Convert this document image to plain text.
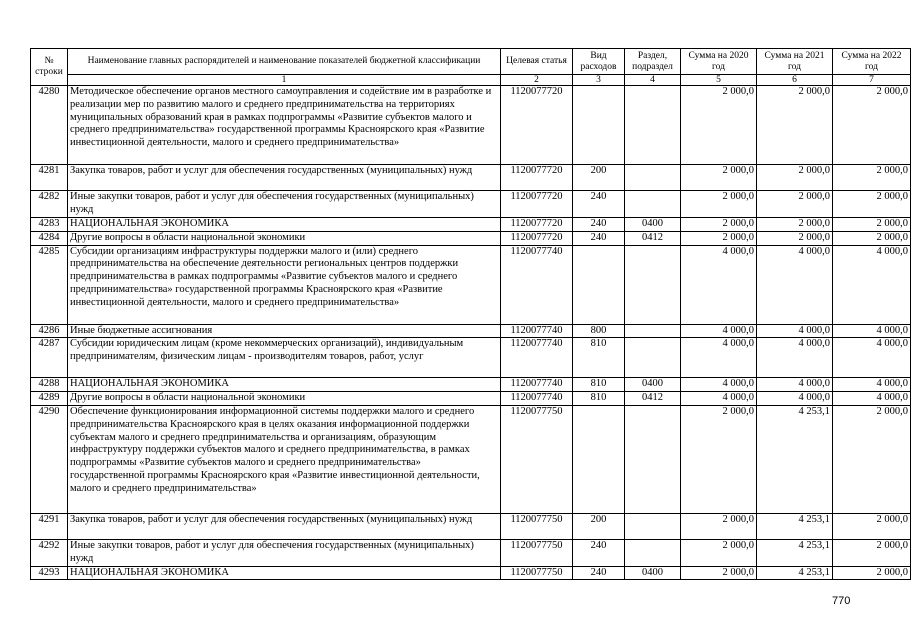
№ строки	Наименование главных распорядителей и наименование показателей бюджетной классификации	Целевая статья	Вид расходов	Раздел, подраздел	Сумма на 2020 год	Сумма на 2021 год	Сумма на 2022 год
	1	2	3	4	5	6	7
4280	Методическое обеспечение органов местного самоуправления и содействие им в разработке и реализации мер по развитию малого и среднего предпринимательства на территориях муниципальных образований края в рамках подпрограммы «Развитие субъектов малого и среднего предпринимательства» государственной программы Красноярского края «Развитие инвестиционной деятельности, малого и среднего предпринимательства»	1120077720			2 000,0	2 000,0	2 000,0
4281	Закупка товаров, работ и услуг для обеспечения государственных (муниципальных) нужд	1120077720	200		2 000,0	2 000,0	2 000,0
4282	Иные закупки товаров, работ и услуг для обеспечения государственных (муниципальных) нужд	1120077720	240		2 000,0	2 000,0	2 000,0
4283	НАЦИОНАЛЬНАЯ ЭКОНОМИКА	1120077720	240	0400	2 000,0	2 000,0	2 000,0
4284	Другие вопросы в области национальной экономики	1120077720	240	0412	2 000,0	2 000,0	2 000,0
4285	Субсидии организациям инфраструктуры поддержки малого и (или) среднего предпринимательства на обеспечение деятельности региональных центров поддержки предпринимательства в рамках подпрограммы «Развитие субъектов малого и среднего предпринимательства» государственной программы Красноярского края «Развитие инвестиционной деятельности, малого и среднего предпринимательства»	1120077740			4 000,0	4 000,0	4 000,0
4286	Иные бюджетные ассигнования	1120077740	800		4 000,0	4 000,0	4 000,0
4287	Субсидии юридическим лицам (кроме некоммерческих организаций), индивидуальным предпринимателям, физическим лицам - производителям товаров, работ, услуг	1120077740	810		4 000,0	4 000,0	4 000,0
4288	НАЦИОНАЛЬНАЯ ЭКОНОМИКА	1120077740	810	0400	4 000,0	4 000,0	4 000,0
4289	Другие вопросы в области национальной экономики	1120077740	810	0412	4 000,0	4 000,0	4 000,0
4290	Обеспечение функционирования информационной системы поддержки малого и среднего предпринимательства Красноярского края в целях оказания информационной поддержки субъектам малого и среднего предпринимательства и организациям, образующим инфраструктуру поддержки субъектов малого и среднего предпринимательства, в рамках подпрограммы «Развитие субъектов малого и среднего предпринимательства» государственной программы Красноярского края «Развитие инвестиционной деятельности, малого и среднего предпринимательства»	1120077750			2 000,0	4 253,1	2 000,0
4291	Закупка товаров, работ и услуг для обеспечения государственных (муниципальных) нужд	1120077750	200		2 000,0	4 253,1	2 000,0
4292	Иные закупки товаров, работ и услуг для обеспечения государственных (муниципальных) нужд	1120077750	240		2 000,0	4 253,1	2 000,0
4293	НАЦИОНАЛЬНАЯ ЭКОНОМИКА	1120077750	240	0400	2 000,0	4 253,1	2 000,0
770
